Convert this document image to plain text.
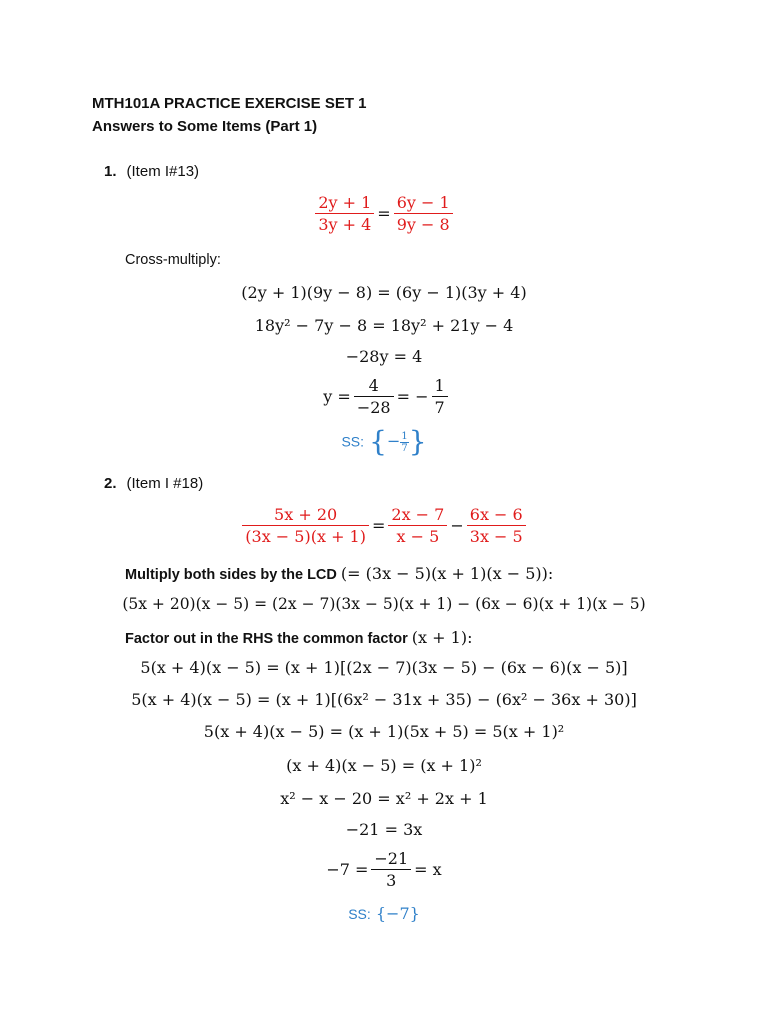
MTH101A PRACTICE EXERCISE SET 1
Answers to Some Items (Part 1)
1. (Item I#13)
$\frac{2y + 1}{3y + 4} = \frac{6y - 1}{9y - 8}$
Cross-multiply:
(2y + 1)(9y − 8) = (6y − 1)(3y + 4)
18y² − 7y − 8 = 18y² + 21y − 4
−28y = 4
$y = \frac{4}{-28}$ = − $\frac{1}{7}$
SS: {− $\frac{1}{7}$ }
2. (Item I #18)
$\frac{5x + 20}{(3x - 5)(x + 1)} = \frac{2x - 7}{x - 5} - \frac{6x - 6}{3x - 5}$
Multiply both sides by the LCD (= (3x − 5)(x + 1)(x − 5)):
(5x + 20)(x − 5) = (2x − 7)(3x − 5)(x + 1) − (6x − 6)(x + 1)(x − 5)
Factor out in the RHS the common factor (x + 1):
5(x + 4)(x − 5) = (x + 1)[(2x − 7)(3x − 5) − (6x − 6)(x − 5)]
5(x + 4)(x − 5) = (x + 1)[(6x² − 31x + 35) − (6x² − 36x + 30)]
5(x + 4)(x − 5) = (x + 1)(5x + 5) = 5(x + 1)²
(x + 4)(x − 5) = (x + 1)²
x² − x − 20 = x² + 2x + 1
−21 = 3x
$-7 = \frac{-21}{3} = x$
SS: {−7}
